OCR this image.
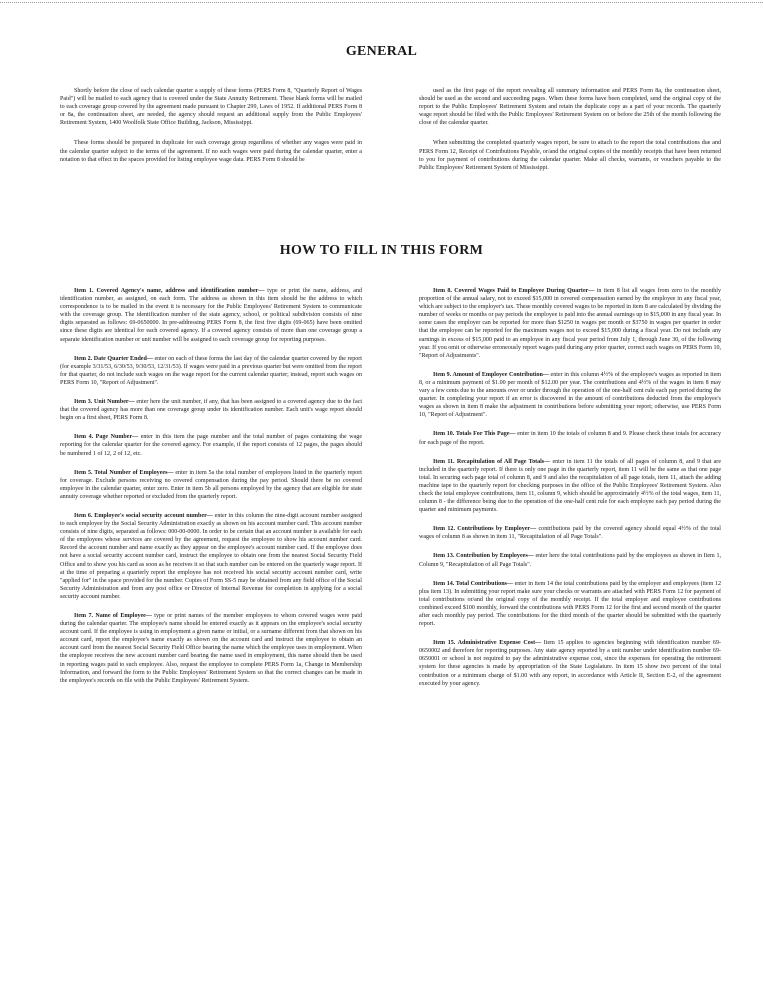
GENERAL

Shortly before the close of each calendar quarter a supply of these forms (PERS Form 8, "Quarterly Report of Wages Paid") will be mailed to each agency that is covered under the State Annuity Retirement. These blank forms will be mailed to each coverage group covered by the agreement made pursuant to Chapter 299, Laws of 1952. If additional PERS Form 8 or 8a, the continuation sheet, are needed, the agency should request an additional supply from the Public Employees' Retirement System, 1400 Woolfolk State Office Building, Jackson, Mississippi.

These forms should be prepared in duplicate for each coverage group regardless of whether any wages were paid in the calendar quarter subject to the terms of the agreement. If no such wages were paid during the calendar quarter, enter a notation to that effect in the spaces provided for listing employee wage data. PERS Form 8 should be

used as the first page of the report revealing all summary information and PERS Form 8a, the continuation sheet, should be used as the second and succeeding pages. When these forms have been completed, send the original copy of the report to the Public Employees' Retirement System and retain the duplicate copy as a part of your records. The quarterly wage report should be filed with the Public Employees' Retirement System on or before the 25th of the month following the close of the calendar quarter.

When submitting the completed quarterly wages report, be sure to attach to the report the total contributions due and PERS Form 12, Receipt of Contributions Payable, or/and the original copies of the monthly receipts that have been returned to you for payment of contributions during the calendar quarter. Make all checks, warrants, or vouchers payable to the Public Employees' Retirement System of Mississippi.

HOW TO FILL IN THIS FORM

Item 1. Covered Agency's name, address and identification number— type or print the name, address, and identification number, as assigned, on each form. The address as shown in this item should be the address to which correspondence is to be mailed in the event it is necessary for the Public Employees' Retirement System to communicate with the coverage group. The identification number of the state agency, school, or political subdivision consists of nine digits separated as follows: 69-0650000. In pre-addressing PERS Form 8, the first five digits (69-065) have been omitted since these digits are identical for each covered agency. If a covered agency consists of more than one coverage group a separate identification number or unit number will be assigned to each coverage group for reporting purposes.

Item 2. Date Quarter Ended— enter on each of these forms the last day of the calendar quarter covered by the report (for example 3/31/53, 6/30/53, 9/30/53, 12/31/53). If wages were paid in a previous quarter but were omitted from the report for that quarter, do not include such wages on the wage report for the current calendar quarter; instead, report such wages on PERS Form 10, "Report of Adjustment".

Item 3. Unit Number— enter here the unit number, if any, that has been assigned to a covered agency due to the fact that the covered agency has more than one coverage group under its identification number. Each unit's wage report should begin on a first sheet, PERS Form 8.

Item 4. Page Number— enter in this item the page number and the total number of pages containing the wage reporting for the calendar quarter for the covered agency. For example, if the report consists of 12 pages, the pages should be numbered 1 of 12, 2 of 12, etc.

Item 5. Total Number of Employees— enter in item 5a the total number of employees listed in the quarterly report for coverage. Exclude persons receiving no covered compensation during the pay period. Should there be no covered employee in the calendar quarter, enter zero. Enter in item 5b all persons employed by the agency that are eligible for state annuity coverage whether reported or excluded from the quarterly report.

Item 6. Employee's social security account number— enter in this column the nine-digit account number assigned to each employee by the Social Security Administration exactly as shown on his account number card. This account number consists of nine digits, separated as follows: 000-00-0000. In order to be certain that an account number is available for each of the employees whose services are covered by the agreement, request the employee to show his account number card. Record the account number and name exactly as they appear on the employee's account number card. If the employee does not have a social security account number card, instruct the employee to obtain one from the nearest Social Security Field Office and to show you his card as soon as he receives it so that such number can be entered on the quarterly wage report. If at the time of preparing a quarterly report the employee has not received his social security account number card, write "applied for" in the space provided for the number. Copies of Form SS-5 may be obtained from any field office of the Social Security Administration and from any post office or Director of Internal Revenue for completion in applying for a social security account number.

Item 7. Name of Employee— type or print names of the member employees to whom covered wages were paid during the calendar quarter. The employee's name should be entered exactly as it appears on the employee's social security account card. If the employee is using in employment a given name or initial, or a surname different from that shown on his account card, report the employee's name exactly as shown on the account card and instruct the employee to obtain an account card from the nearest Social Security Field Office bearing the name which the employee uses in employment. When the employee receives the new account number card bearing the name used in employment, this name should then be used in reporting wages paid to such employee. Also, request the employee to complete PERS Form 1a, Change in Membership Information, and forward the form to the Public Employees' Retirement System so that the correct changes can be made in the employee's records on file with the Public Employees' Retirement System.

Item 8. Covered Wages Paid to Employee During Quarter— in item 8 list all wages from zero to the monthly proportion of the annual salary, not to exceed $15,000 in covered compensation earned by the employee in any fiscal year, which are subject to the employer's tax. These monthly covered wages to be reported in item 8 are calculated by dividing the number of weeks or months or pay periods the employee is paid into the annual earnings up to $15,000 in any fiscal year. In some cases the employer can be reported for more than $1250 in wages per month or $3750 in wages per quarter in order that the employee can be reported for the maximum wages not to exceed $15,000 during a fiscal year. Do not include any earnings in excess of $15,000 paid to an employee in any fiscal year period from July 1, through June 30, of the following year. If you omit or otherwise erroneously report wages paid during any prior quarter, correct such wages on PERS Form 10, "Report of Adjustments".

Item 9. Amount of Employee Contribution— enter in this column 4½% of the employee's wages as reported in item 8, or a minimum payment of $1.00 per month of $12.00 per year. The contributions and 4½% of the wages in item 8 may vary a few cents due to the amounts over or under through the operation of the one-half cent rule each pay period during the quarter. In completing your report if an error is discovered in the amount of contributions deducted from the employee's wages as shown in item 8 make the adjustment in contributions before submitting your report; otherwise, use PERS Form 10, "Report of Adjustment".

Item 10. Totals For This Page— enter in item 10 the totals of column 8 and 9. Please check these totals for accuracy for each page of the report.

Item 11. Recapitulation of All Page Totals— enter in item 11 the totals of all pages of column 8, and 9 that are included in the quarterly report. If there is only one page in the quarterly report, item 11 will be the same as that one page total. In securing each page total of column 8, and 9 and also the recapitulation of all page totals, item 11, attach the adding machine tape to the quarterly report for checking purposes in the office of the Public Employees' Retirement System. Also check the total employee contributions, item 11, column 9, which should be approximately 4½% of the total wages, item 11, column 8 - the difference being due to the operation of the one-half cent rule for each employee each pay period during the quarter and minimum payments.

Item 12. Contributions by Employer— contributions paid by the covered agency should equal 4½% of the total wages of column 8 as shown in item 11, "Recapitulation of all Page Totals".

Item 13. Contribution by Employees— enter here the total contributions paid by the employees as shown in Item 1, Column 9, "Recapitulation of all Page Totals".

Item 14. Total Contributions— enter in item 14 the total contributions paid by the employer and employees (item 12 plus item 13). In submitting your report make sure your checks or warrants are attached with PERS Form 12 for payment of total contributions or/and the original copy of the monthly receipt. If the total employer and employee contributions combined exceed $100 monthly, forward the contributions with PERS Form 12 for the first and second month of the quarter after each monthly pay period. The contributions for the third month of the quarter should be submitted with the quarterly report.

Item 15. Administrative Expense Cost— Item 15 applies to agencies beginning with identification number 69-0650002 and therefore for reporting purposes. Any state agency reported by a unit number under identification number 69-0650001 or school is not required to pay the administrative expense cost, since the expenses for operating the retirement system for these agencies is made by appropriation of the State Legislature. In item 15 show two percent of the total contribution or a minimum charge of $1.00 with any report, in accordance with Article II, Section E-2, of the agreement executed by your agency.
